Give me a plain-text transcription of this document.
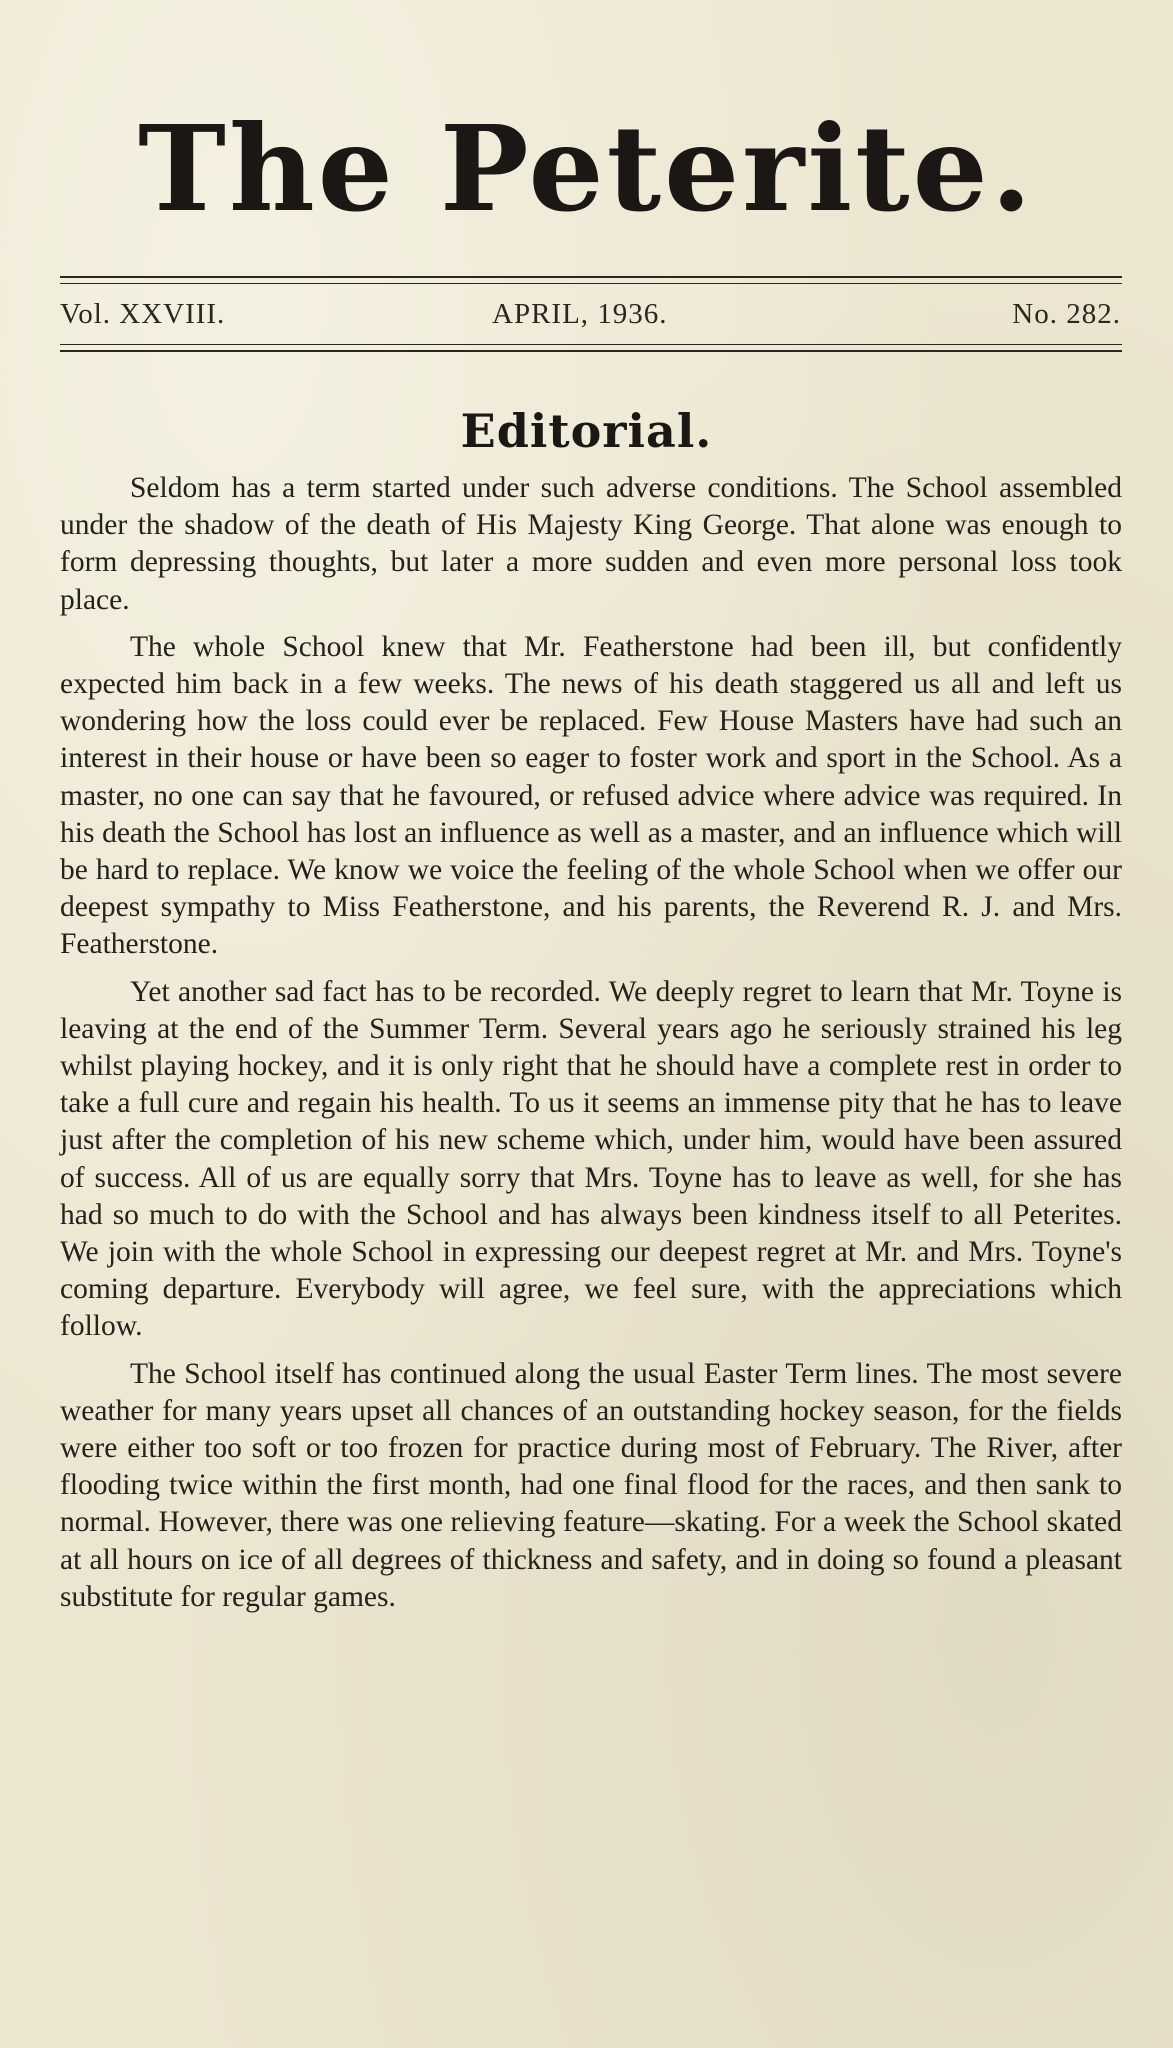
The Peterite.
Vol. XXVIII.	APRIL, 1936.	No. 282.
Editorial.

Seldom has a term started under such adverse conditions. The School assembled under the shadow of the death of His Majesty King George. That alone was enough to form depressing thoughts, but later a more sudden and even more personal loss took place.

The whole School knew that Mr. Featherstone had been ill, but confidently expected him back in a few weeks. The news of his death staggered us all and left us wondering how the loss could ever be replaced. Few House Masters have had such an interest in their house or have been so eager to foster work and sport in the School. As a master, no one can say that he favoured, or refused advice where advice was required. In his death the School has lost an influence as well as a master, and an influence which will be hard to replace. We know we voice the feeling of the whole School when we offer our deepest sympathy to Miss Featherstone, and his parents, the Reverend R. J. and Mrs. Featherstone.

Yet another sad fact has to be recorded. We deeply regret to learn that Mr. Toyne is leaving at the end of the Summer Term. Several years ago he seriously strained his leg whilst playing hockey, and it is only right that he should have a complete rest in order to take a full cure and regain his health. To us it seems an immense pity that he has to leave just after the completion of his new scheme which, under him, would have been assured of success. All of us are equally sorry that Mrs. Toyne has to leave as well, for she has had so much to do with the School and has always been kindness itself to all Peterites. We join with the whole School in expressing our deepest regret at Mr. and Mrs. Toyne's coming departure. Everybody will agree, we feel sure, with the appreciations which follow.

The School itself has continued along the usual Easter Term lines. The most severe weather for many years upset all chances of an outstanding hockey season, for the fields were either too soft or too frozen for practice during most of February. The River, after flooding twice within the first month, had one final flood for the races, and then sank to normal. However, there was one relieving feature—skating. For a week the School skated at all hours on ice of all degrees of thickness and safety, and in doing so found a pleasant substitute for regular games.
